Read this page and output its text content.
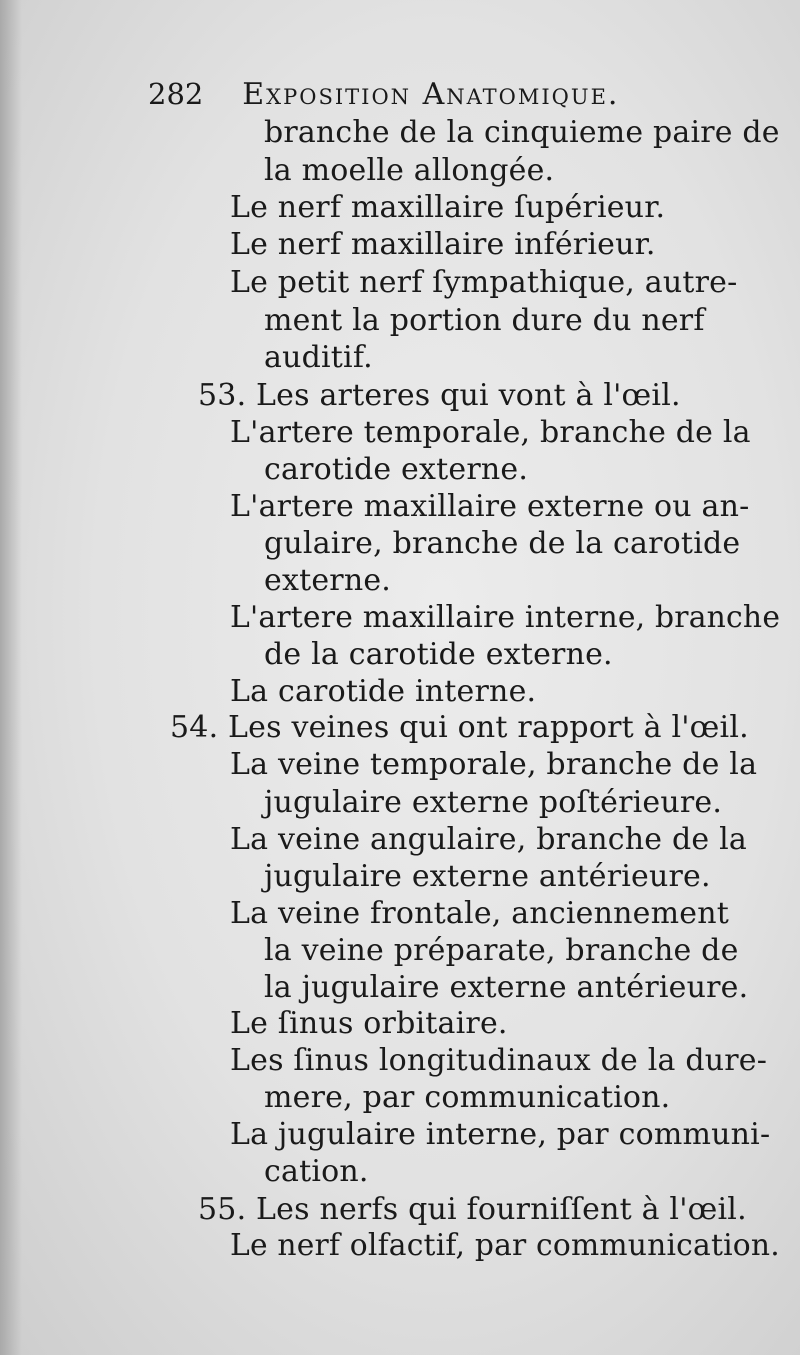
282 Exposition Anatomique.
branche de la cinquieme paire de
la moelle allongée.
Le nerf maxillaire ſupérieur.
Le nerf maxillaire inférieur.
Le petit nerf ſympathique, autre-
ment la portion dure du nerf
auditif.
53. Les arteres qui vont à l'œil.
L'artere temporale, branche de la
carotide externe.
L'artere maxillaire externe ou an-
gulaire, branche de la carotide
externe.
L'artere maxillaire interne, branche
de la carotide externe.
La carotide interne.
54. Les veines qui ont rapport à l'œil.
La veine temporale, branche de la
jugulaire externe poſtérieure.
La veine angulaire, branche de la
jugulaire externe antérieure.
La veine frontale, anciennement
la veine préparate, branche de
la jugulaire externe antérieure.
Le ſinus orbitaire.
Les ſinus longitudinaux de la dure-
mere, par communication.
La jugulaire interne, par communi-
cation.
55. Les nerfs qui fourniſſent à l'œil.
Le nerf olfactif, par communication.
